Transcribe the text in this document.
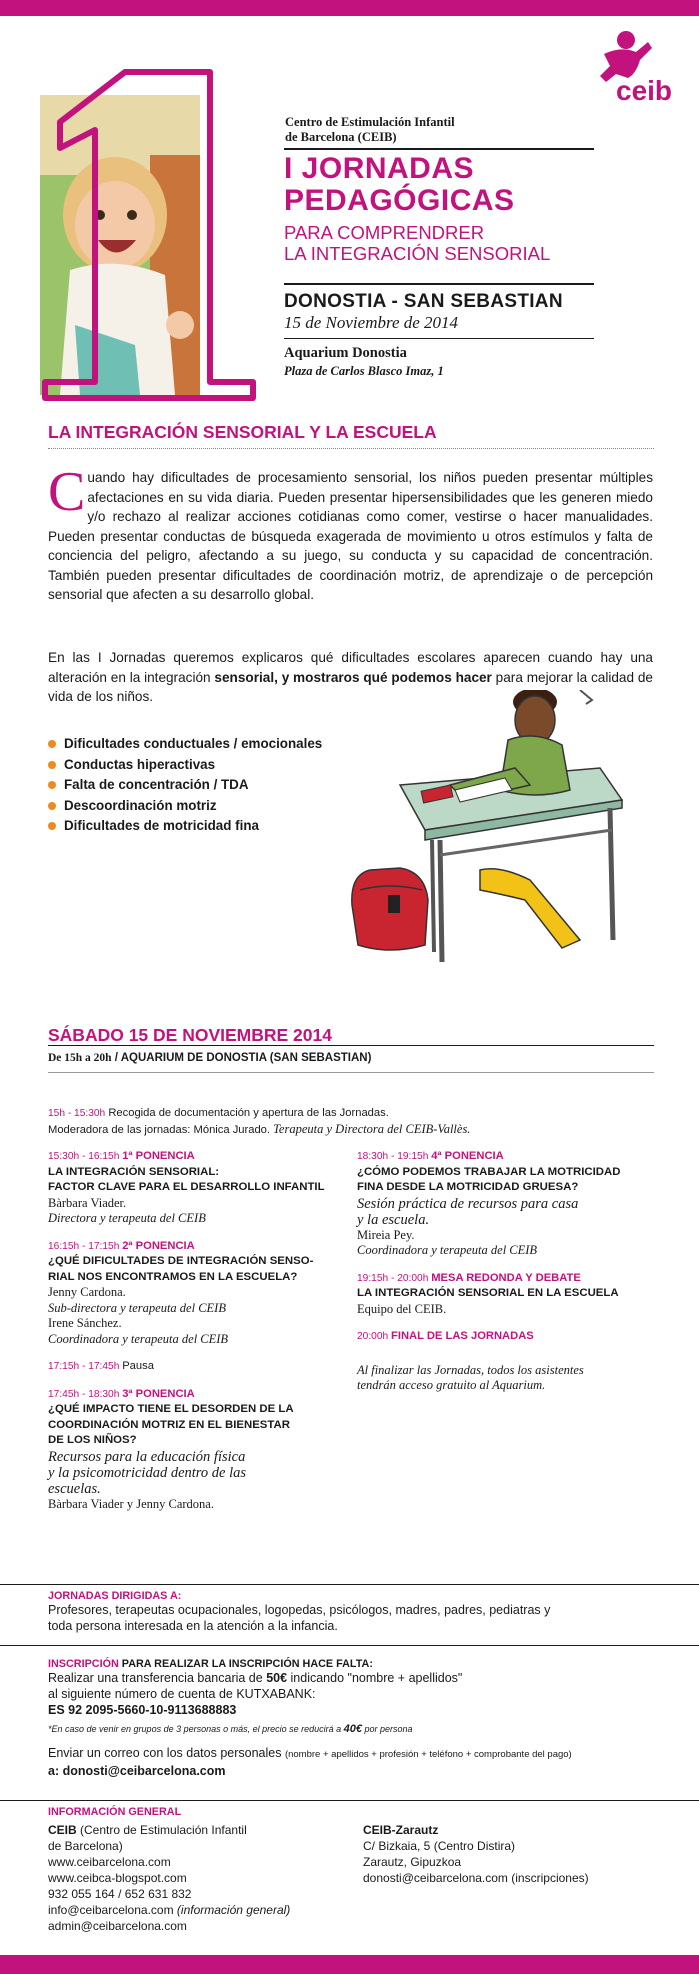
ceib
Centro de Estimulación Infantil
de Barcelona (CEIB)
I JORNADAS
PEDAGÓGICAS
PARA COMPRENDRER
LA INTEGRACIÓN SENSORIAL
DONOSTIA - SAN SEBASTIAN
15 de Noviembre de 2014
Aquarium Donostia
Plaza de Carlos Blasco Imaz, 1
LA INTEGRACIÓN SENSORIAL Y LA ESCUELA
Cuando hay dificultades de procesamiento sensorial, los niños pueden presentar múltiples afectaciones en su vida diaria. Pueden presentar hipersensibilidades que les generen miedo y/o rechazo al realizar acciones cotidianas como comer, vestirse o hacer manualidades. Pueden presentar conductas de búsqueda exagerada de movimiento u otros estímulos y falta de conciencia del peligro, afectando a su juego, su conducta y su capacidad de concentración. También pueden presentar dificultades de coordinación motriz, de aprendizaje o de percepción sensorial que afecten a su desarrollo global.
En las I Jornadas queremos explicaros qué dificultades escolares aparecen cuando hay una alteración en la integración sensorial, y mostraros qué podemos hacer para mejorar la calidad de vida de los niños.
Dificultades conductuales / emocionales
Conductas hiperactivas
Falta de concentración / TDA
Descoordinación motriz
Dificultades de motricidad fina
SÁBADO 15 DE NOVIEMBRE 2014
De 15h a 20h / AQUARIUM DE DONOSTIA (SAN SEBASTIAN)
15h - 15:30h Recogida de documentación y apertura de las Jornadas.
Moderadora de las jornadas: Mónica Jurado. Terapeuta y Directora del CEIB-Vallès.
15:30h - 16:15h 1ª PONENCIA
LA INTEGRACIÓN SENSORIAL:
FACTOR CLAVE PARA EL DESARROLLO INFANTIL
Bàrbara Viader.
Directora y terapeuta del CEIB
16:15h - 17:15h 2ª PONENCIA
¿QUÉ DIFICULTADES DE INTEGRACIÓN SENSO-
RIAL NOS ENCONTRAMOS EN LA ESCUELA?
Jenny Cardona.
Sub-directora y terapeuta del CEIB
Irene Sánchez.
Coordinadora y terapeuta del CEIB
17:15h - 17:45h Pausa
17:45h - 18:30h 3ª PONENCIA
¿QUÉ IMPACTO TIENE EL DESORDEN DE LA
COORDINACIÓN MOTRIZ EN EL BIENESTAR
DE LOS NIÑOS?
Recursos para la educación física
y la psicomotricidad dentro de las
escuelas.
Bàrbara Viader y Jenny Cardona.
18:30h - 19:15h 4ª PONENCIA
¿CÓMO PODEMOS TRABAJAR LA MOTRICIDAD
FINA DESDE LA MOTRICIDAD GRUESA?
Sesión práctica de recursos para casa
y la escuela.
Mireia Pey.
Coordinadora y terapeuta del CEIB
19:15h - 20:00h MESA REDONDA Y DEBATE
LA INTEGRACIÓN SENSORIAL EN LA ESCUELA
Equipo del CEIB.
20:00h FINAL DE LAS JORNADAS
Al finalizar las Jornadas, todos los asistentes
tendrán acceso gratuito al Aquarium.
JORNADAS DIRIGIDAS A:
Profesores, terapeutas ocupacionales, logopedas, psicólogos, madres, padres, pediatras y
toda persona interesada en la atención a la infancia.
INSCRIPCIÓN PARA REALIZAR LA INSCRIPCIÓN HACE FALTA:
Realizar una transferencia bancaria de 50€ indicando "nombre + apellidos"
al siguiente número de cuenta de KUTXABANK:
ES 92 2095-5660-10-9113688883
*En caso de venir en grupos de 3 personas o más, el precio se reducirá a 40€ por persona
Enviar un correo con los datos personales (nombre + apellidos + profesión + teléfono + comprobante del pago)
a: donosti@ceibarcelona.com
INFORMACIÓN GENERAL
CEIB (Centro de Estimulación Infantil
de Barcelona)
www.ceibarcelona.com
www.ceibca-blogspot.com
932 055 164 / 652 631 832
info@ceibarcelona.com (información general)
admin@ceibarcelona.com
CEIB-Zarautz
C/ Bizkaia, 5 (Centro Distira)
Zarautz, Gipuzkoa
donosti@ceibarcelona.com (inscripciones)
